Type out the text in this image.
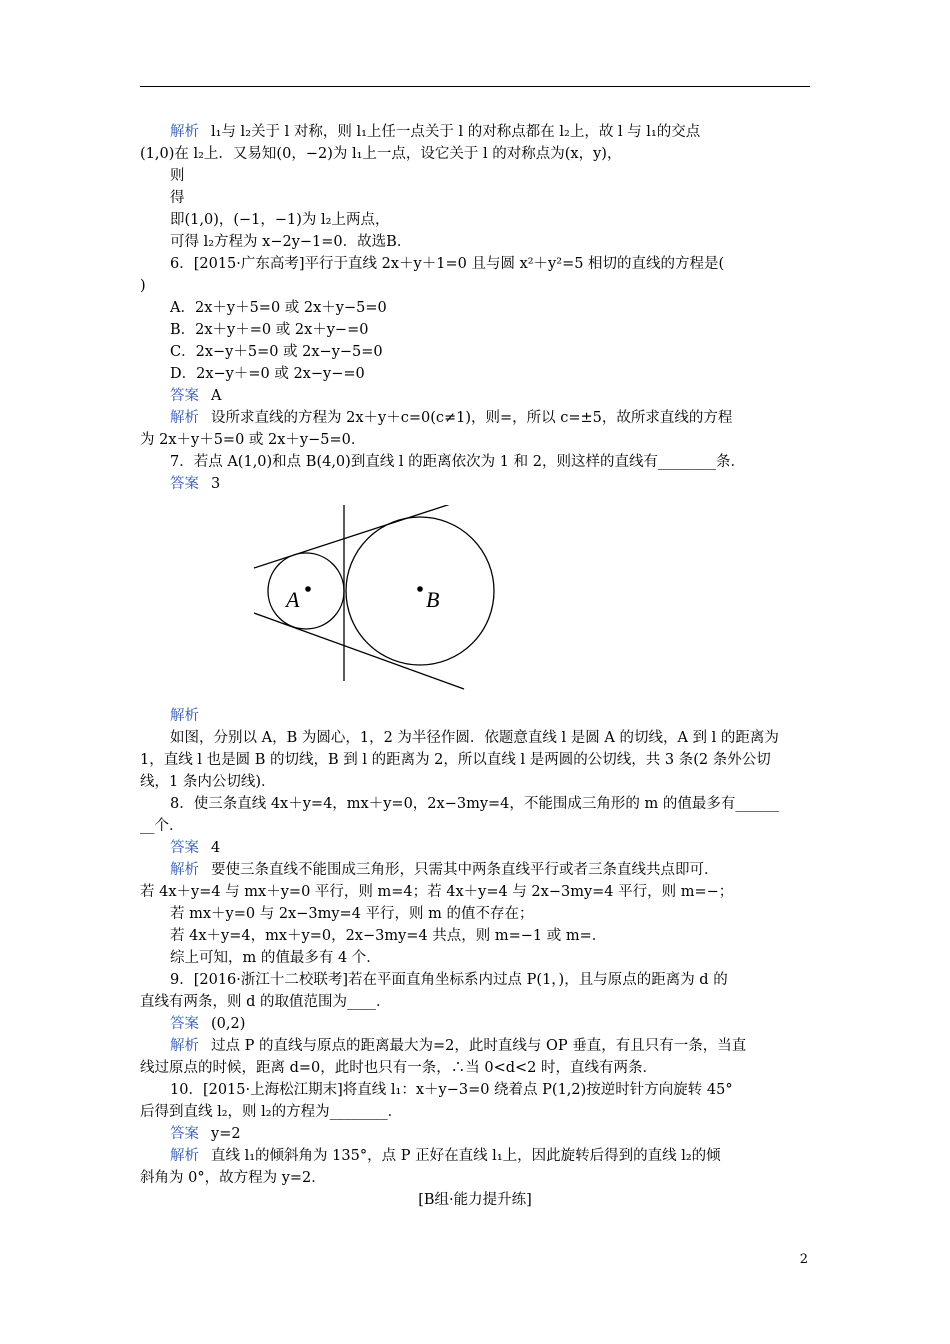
解析 l₁与 l₂关于 l 对称，则 l₁上任一点关于 l 的对称点都在 l₂上，故 l 与 l₁的交点
(1,0)在 l₂上．又易知(0，−2)为 l₁上一点，设它关于 l 的对称点为(x，y)，
则
得
即(1,0)，(−1，−1)为 l₂上两点，
可得 l₂方程为 x−2y−1=0．故选B．
6．[2015·广东高考]平行于直线 2x＋y＋1=0 且与圆 x²＋y²=5 相切的直线的方程是(
)
A．2x＋y＋5=0 或 2x＋y−5=0
B．2x＋y＋=0 或 2x＋y−=0
C．2x−y＋5=0 或 2x−y−5=0
D．2x−y＋=0 或 2x−y−=0
答案 A
解析 设所求直线的方程为 2x＋y＋c=0(c≠1)，则=，所以 c=±5，故所求直线的方程
为 2x＋y＋5=0 或 2x＋y−5=0．
7．若点 A(1,0)和点 B(4,0)到直线 l 的距离依次为 1 和 2，则这样的直线有________条．
答案 3
A	B
解析
如图，分别以 A，B 为圆心，1，2 为半径作圆．依题意直线 l 是圆 A 的切线，A 到 l 的距离为
1，直线 l 也是圆 B 的切线，B 到 l 的距离为 2，所以直线 l 是两圆的公切线，共 3 条(2 条外公切
线，1 条内公切线)．
8．使三条直线 4x＋y=4，mx＋y=0，2x−3my=4，不能围成三角形的 m 的值最多有______
__个．
答案 4
解析 要使三条直线不能围成三角形，只需其中两条直线平行或者三条直线共点即可．
若 4x＋y=4 与 mx＋y=0 平行，则 m=4；若 4x＋y=4 与 2x−3my=4 平行，则 m=−；
若 mx＋y=0 与 2x−3my=4 平行，则 m 的值不存在；
若 4x＋y=4，mx＋y=0，2x−3my=4 共点，则 m=−1 或 m=．
综上可知，m 的值最多有 4 个．
9．[2016·浙江十二校联考]若在平面直角坐标系内过点 P(1，)，且与原点的距离为 d 的
直线有两条，则 d 的取值范围为____．
答案 (0,2)
解析 过点 P 的直线与原点的距离最大为=2，此时直线与 OP 垂直，有且只有一条，当直
线过原点的时候，距离 d=0，此时也只有一条，∴当 0<d<2 时，直线有两条．
10．[2015·上海松江期末]将直线 l₁：x＋y−3=0 绕着点 P(1,2)按逆时针方向旋转 45°
后得到直线 l₂，则 l₂的方程为________．
答案 y=2
解析 直线 l₁的倾斜角为 135°，点 P 正好在直线 l₁上，因此旋转后得到的直线 l₂的倾
斜角为 0°，故方程为 y=2．
[B组·能力提升练]
2
